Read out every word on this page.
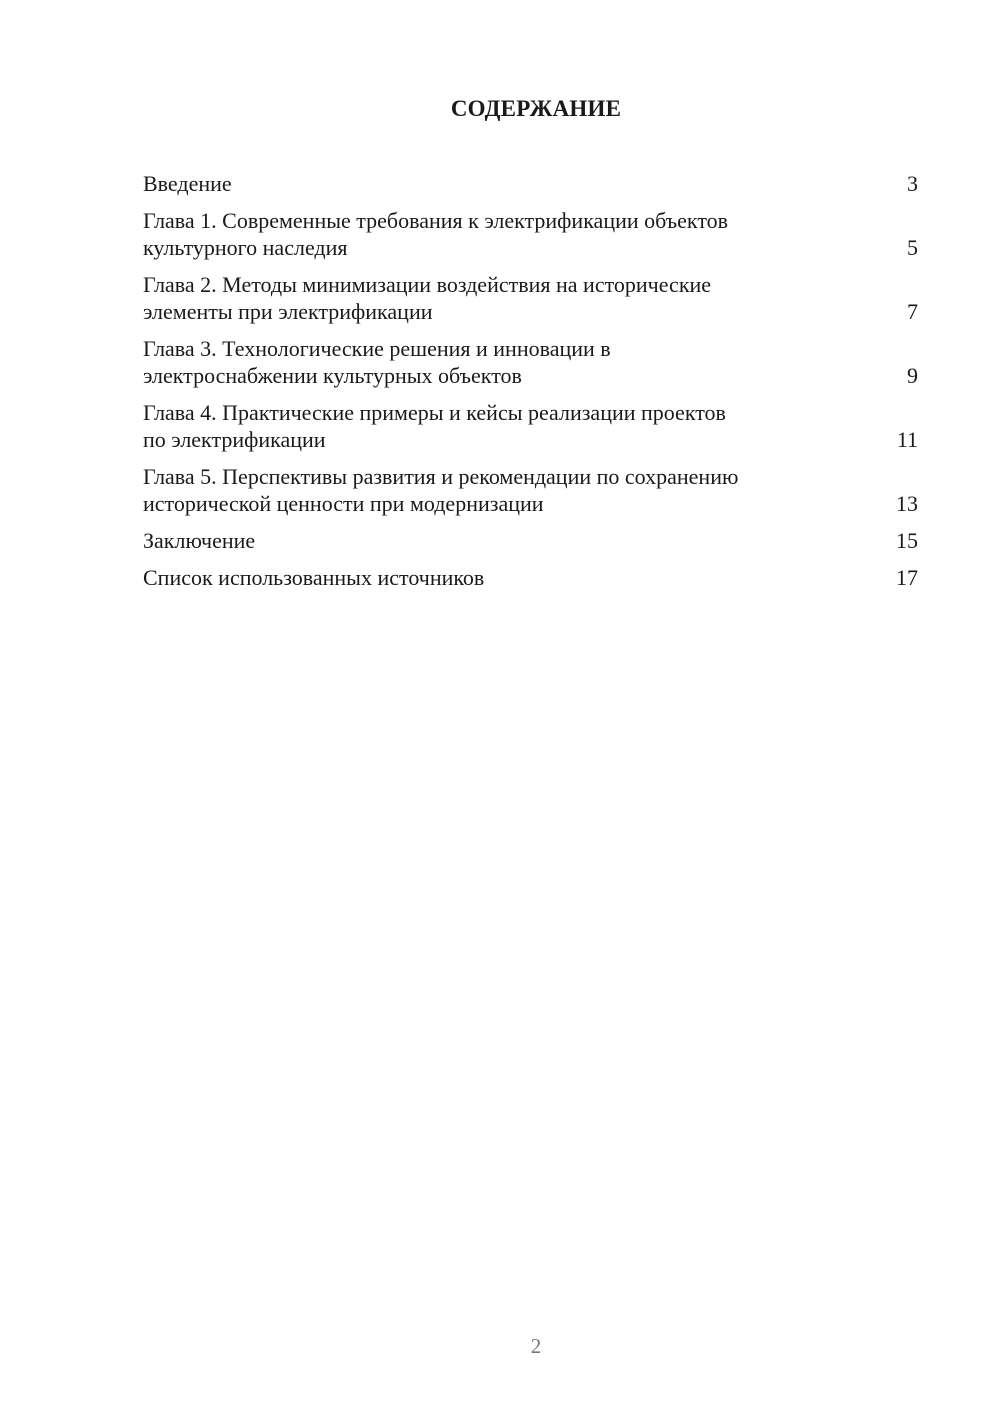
СОДЕРЖАНИЕ
Введение	3
Глава 1. Современные требования к электрификации объектов
культурного наследия	5
Глава 2. Методы минимизации воздействия на исторические
элементы при электрификации	7
Глава 3. Технологические решения и инновации в
электроснабжении культурных объектов	9
Глава 4. Практические примеры и кейсы реализации проектов
по электрификации	11
Глава 5. Перспективы развития и рекомендации по сохранению
исторической ценности при модернизации	13
Заключение	15
Список использованных источников	17
2
